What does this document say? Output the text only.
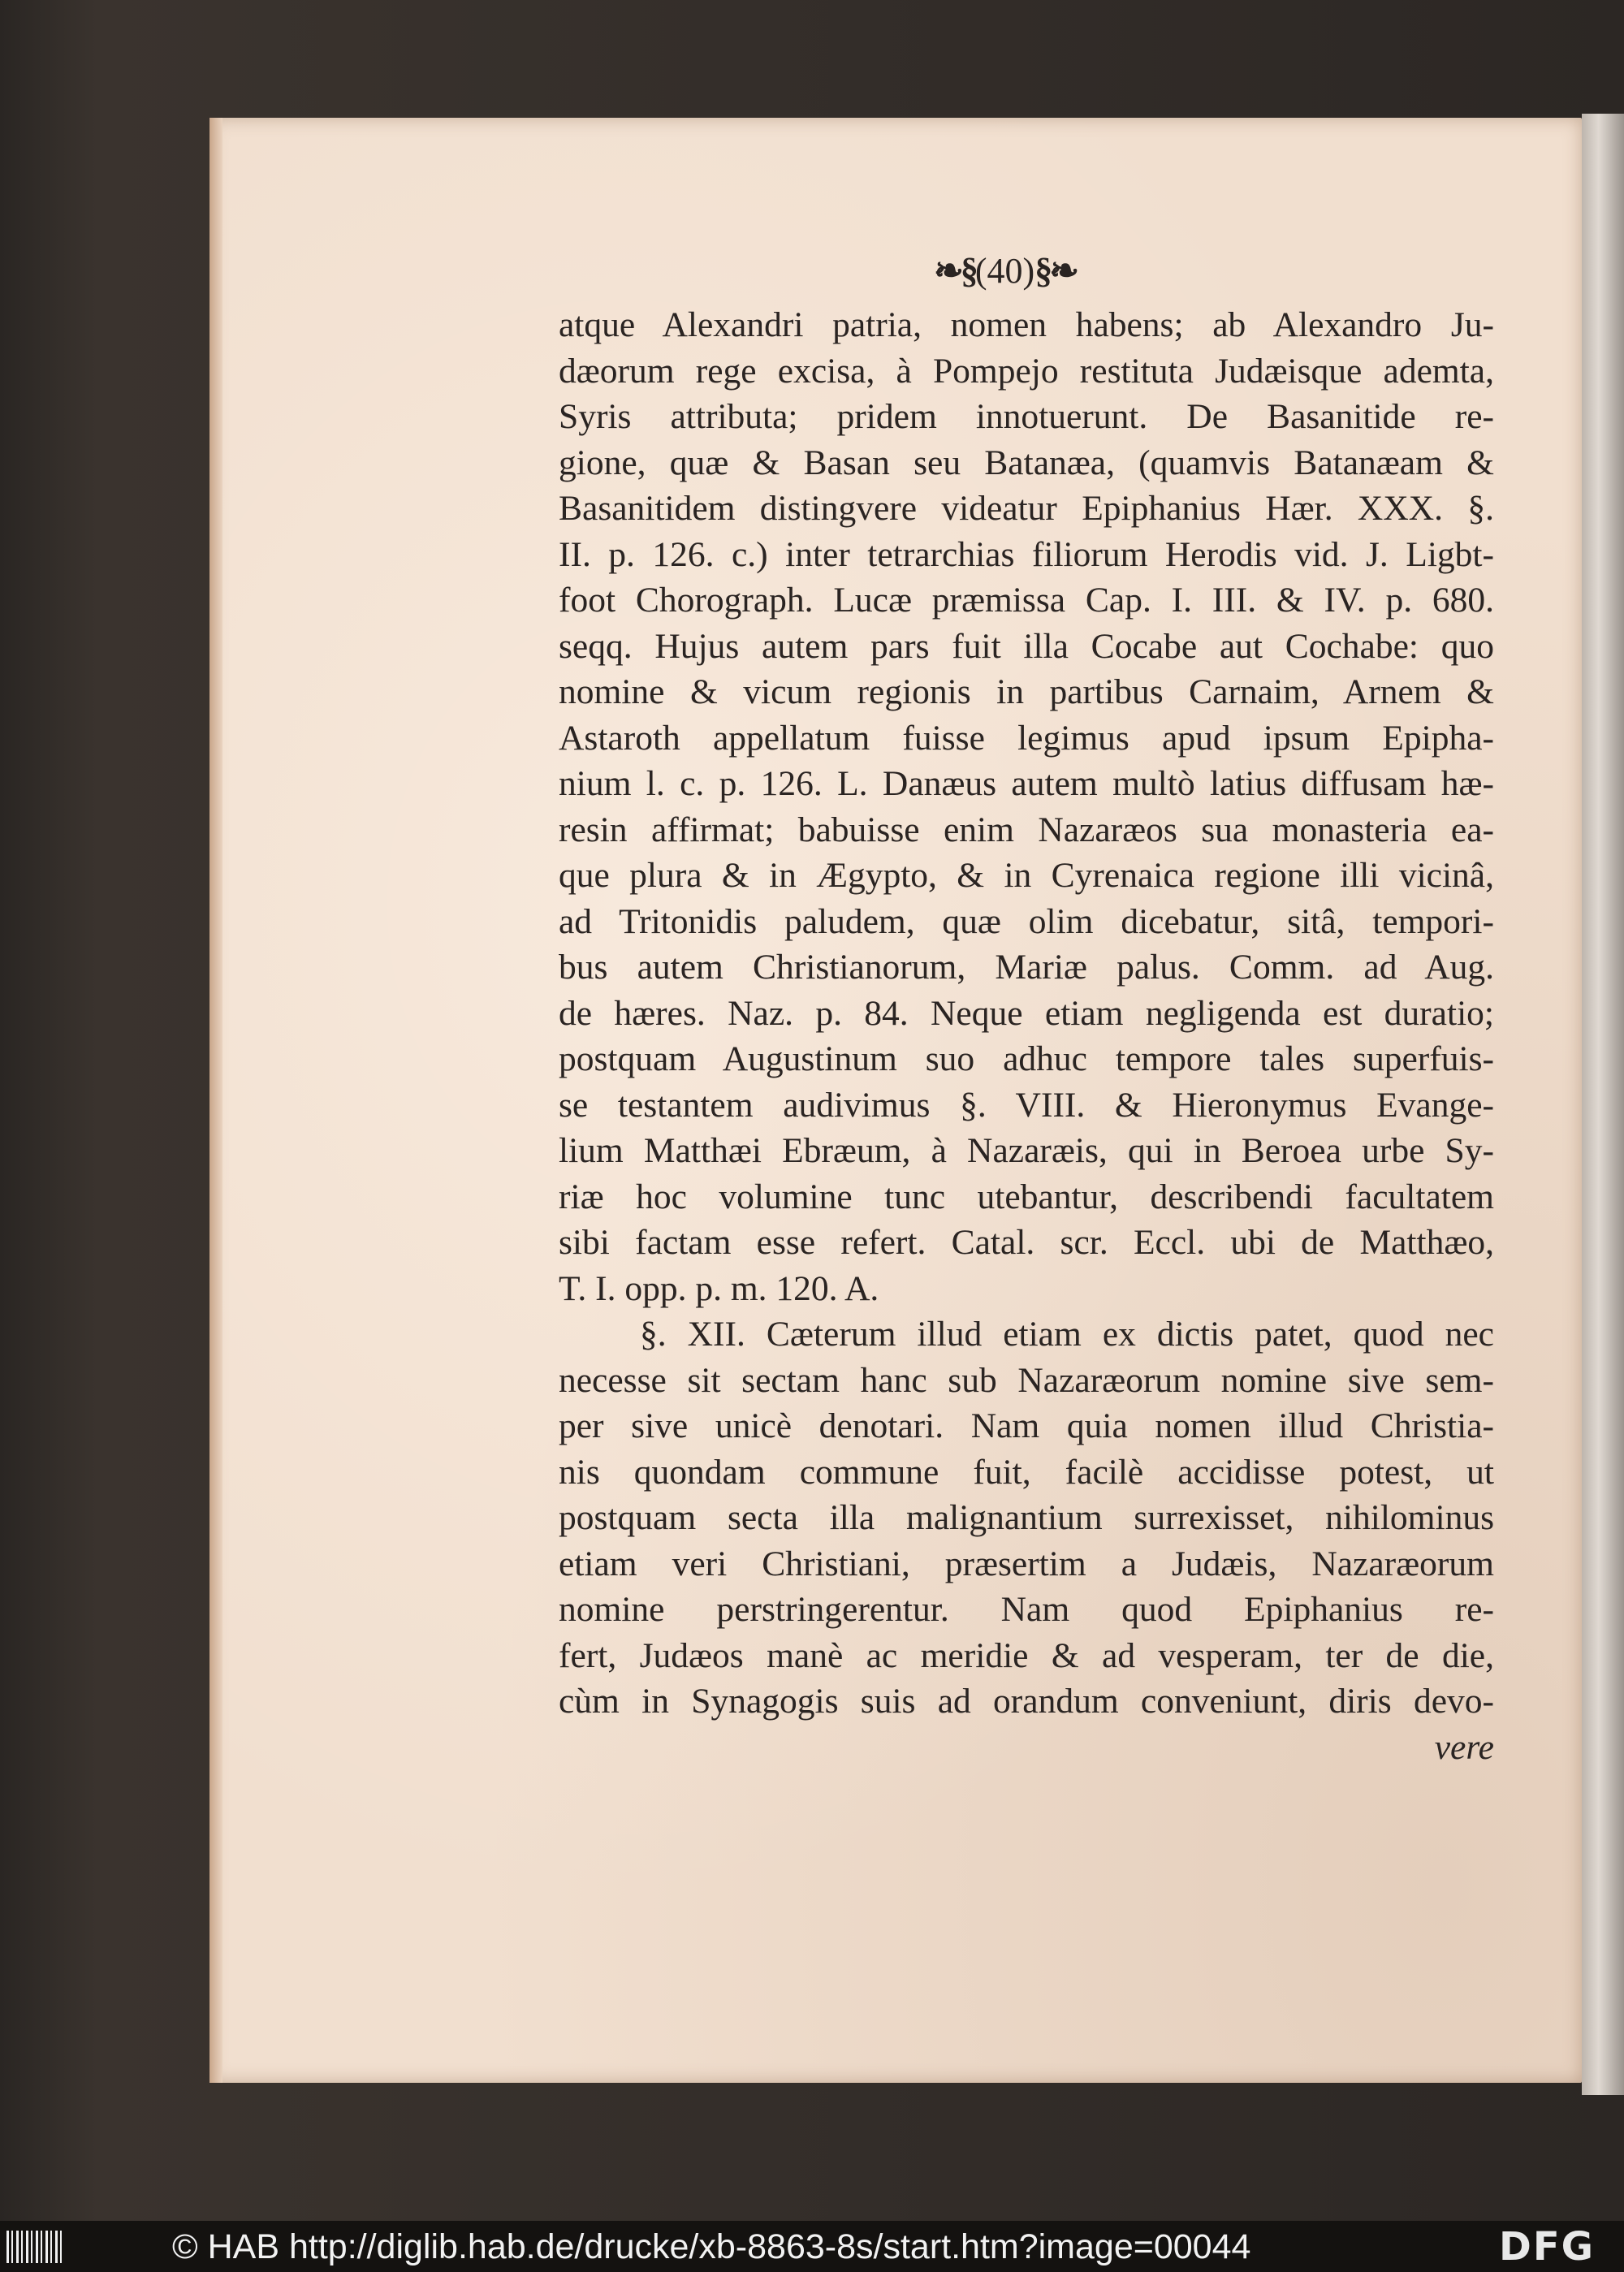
❧§(40)§❧
atque Alexandri patria, nomen habens; ab Alexandro Ju-
dæorum rege excisa, à Pompejo restituta Judæisque ademta,
Syris attributa; pridem innotuerunt. De Basanitide re-
gione, quæ & Basan seu Batanæa, (quamvis Batanæam &
Basanitidem distingvere videatur Epiphanius Hær. XXX. §.
II. p. 126. c.) inter tetrarchias filiorum Herodis vid. J. Ligbt-
foot Chorograph. Lucæ præmissa Cap. I. III. & IV. p. 680.
seqq. Hujus autem pars fuit illa Cocabe aut Cochabe: quo
nomine & vicum regionis in partibus Carnaim, Arnem &
Astaroth appellatum fuisse legimus apud ipsum Epipha-
nium l. c. p. 126. L. Danæus autem multò latius diffusam hæ-
resin affirmat; babuisse enim Nazaræos sua monasteria ea-
que plura & in Ægypto, & in Cyrenaica regione illi vicinâ,
ad Tritonidis paludem, quæ olim dicebatur, sitâ, tempori-
bus autem Christianorum, Mariæ palus. Comm. ad Aug.
de hæres. Naz. p. 84. Neque etiam negligenda est duratio;
postquam Augustinum suo adhuc tempore tales superfuis-
se testantem audivimus §. VIII. & Hieronymus Evange-
lium Matthæi Ebræum, à Nazaræis, qui in Beroea urbe Sy-
riæ hoc volumine tunc utebantur, describendi facultatem
sibi factam esse refert. Catal. scr. Eccl. ubi de Matthæo,
T. I. opp. p. m. 120. A.
§. XII. Cæterum illud etiam ex dictis patet, quod nec
necesse sit sectam hanc sub Nazaræorum nomine sive sem-
per sive unicè denotari. Nam quia nomen illud Christia-
nis quondam commune fuit, facilè accidisse potest, ut
postquam secta illa malignantium surrexisset, nihilominus
etiam veri Christiani, præsertim a Judæis, Nazaræorum
nomine perstringerentur. Nam quod Epiphanius re-
fert, Judæos manè ac meridie & ad vesperam, ter de die,
cùm in Synagogis suis ad orandum conveniunt, diris devo-
vere
© HAB http://diglib.hab.de/drucke/xb-8863-8s/start.htm?image=00044	DFG
